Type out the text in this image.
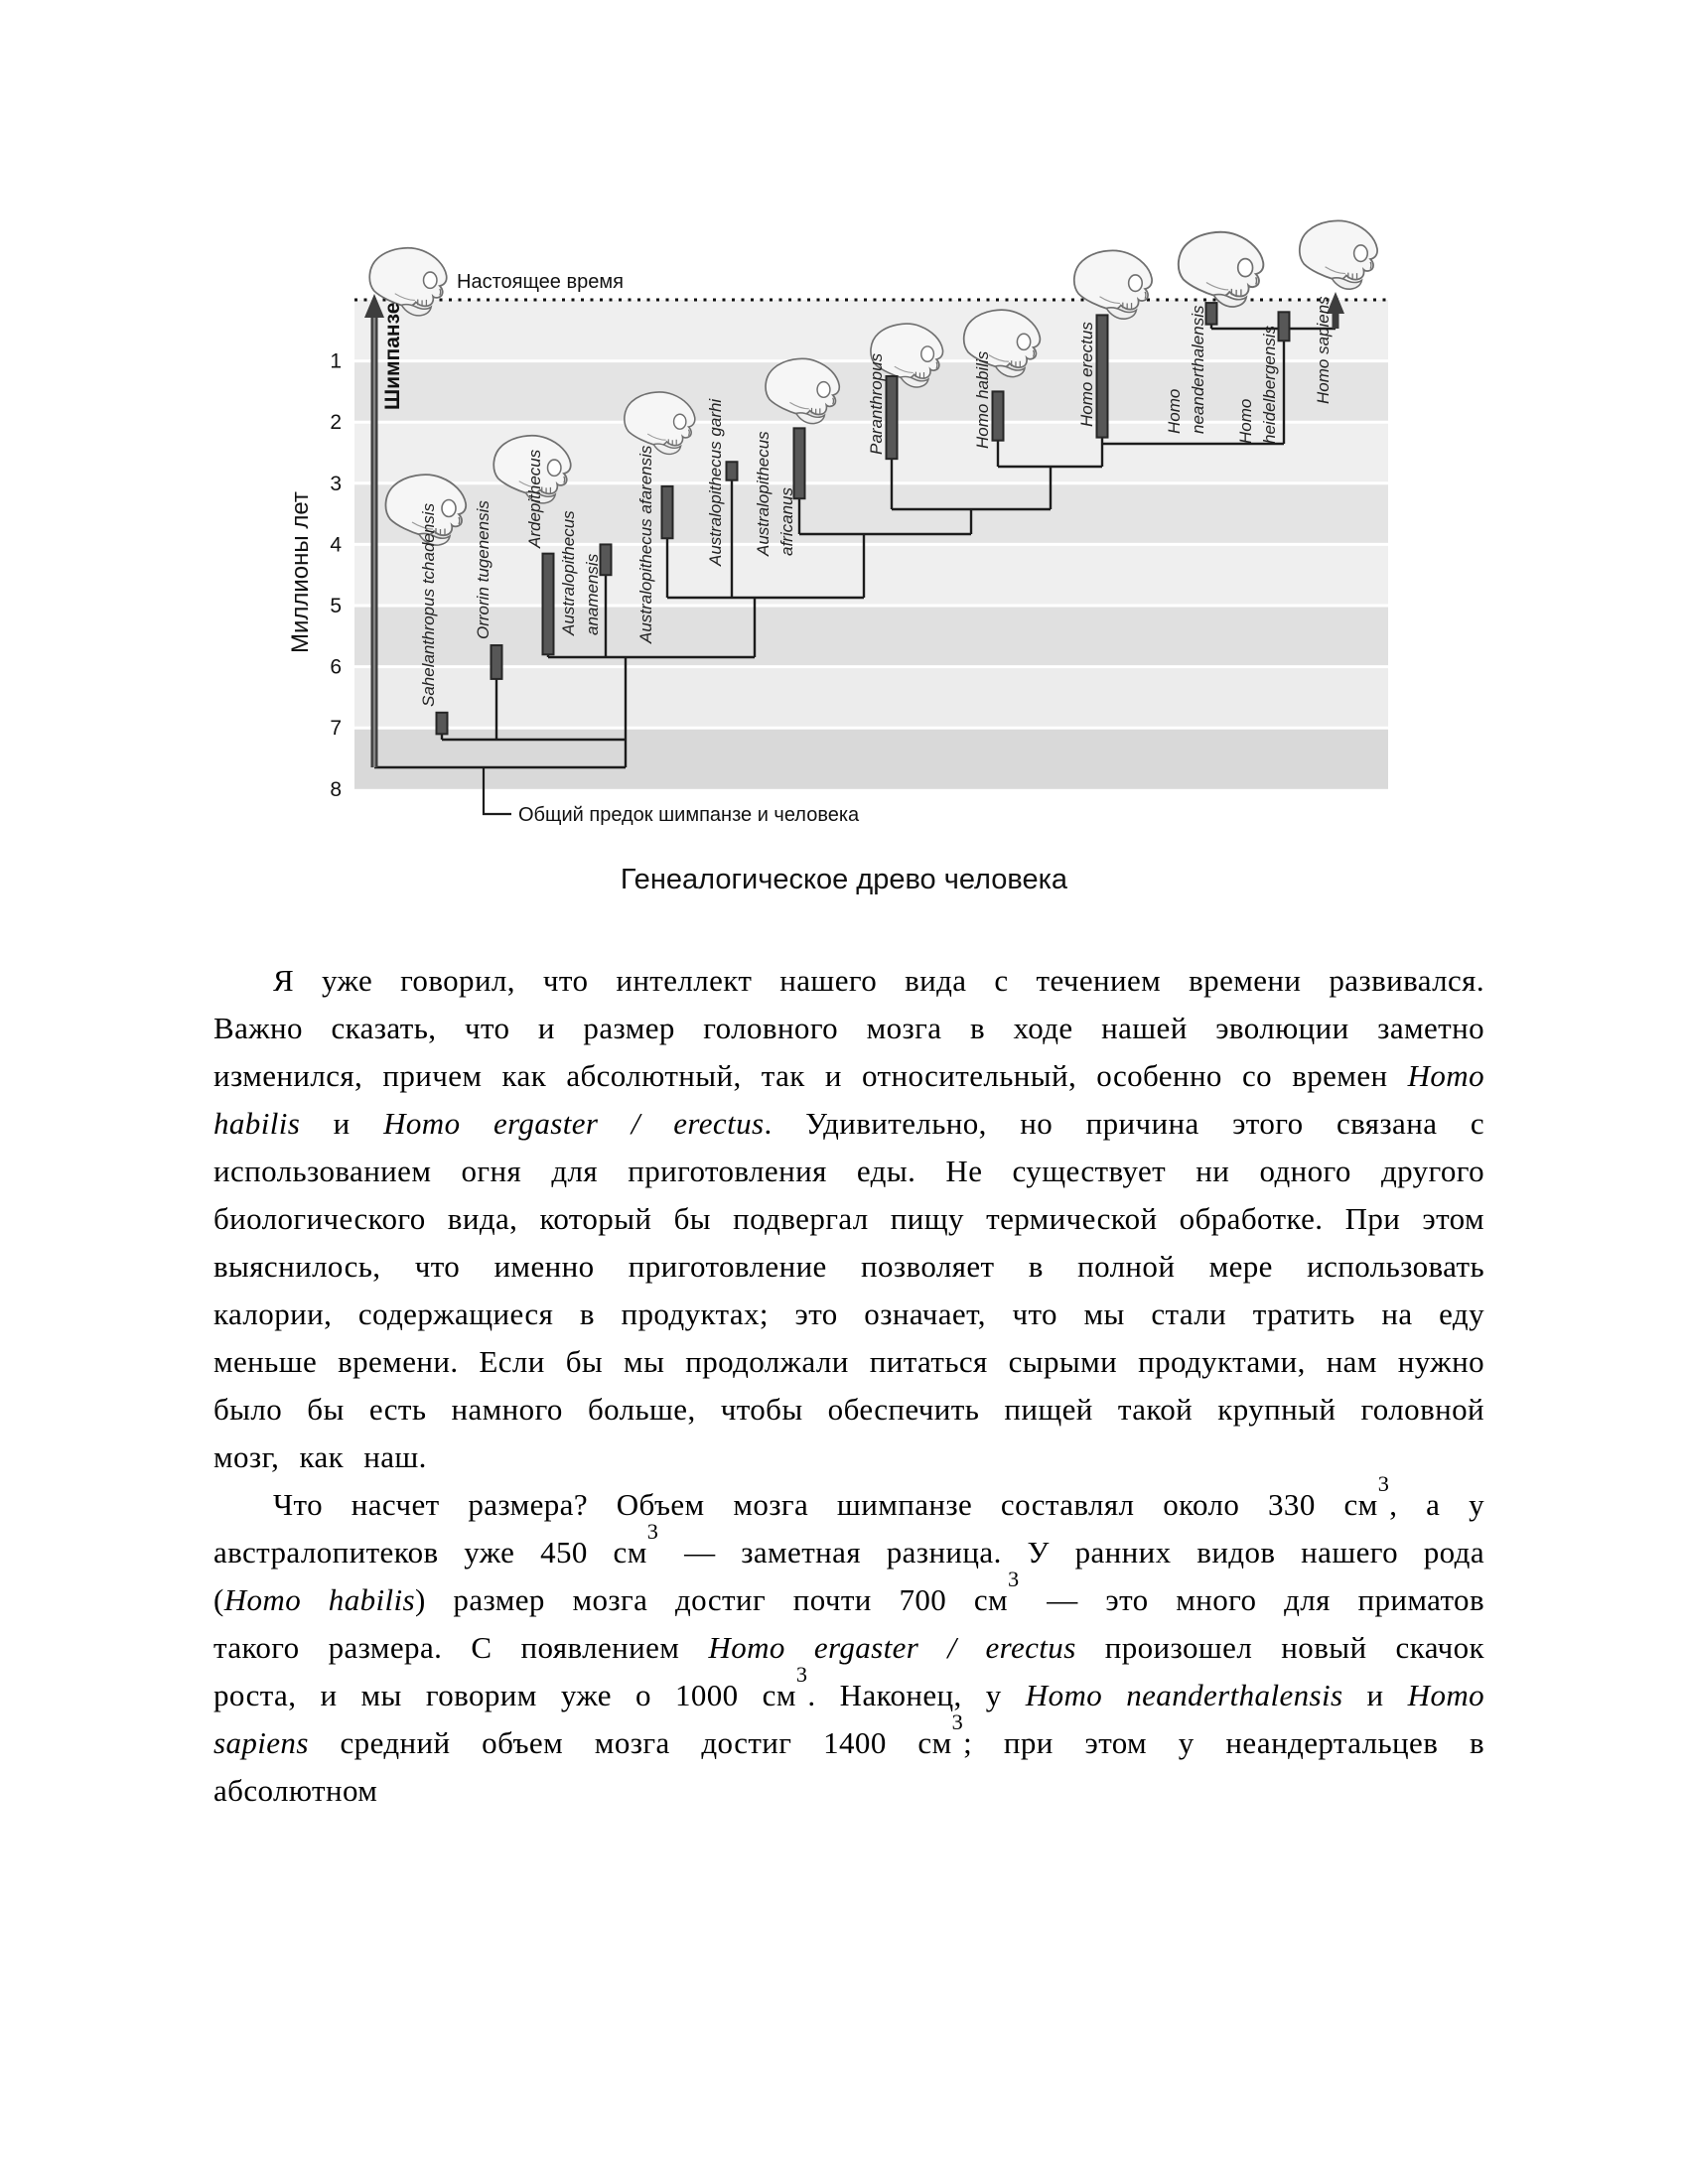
Sahelanthropus tchadensis Orrorin tugenensis
Ardepithecus
Australopithecus anamensis Australopithecus afarensis	Australopithecus garhi Australopithecus africanus
Paranthropus	Homo habilis	Homo erectus	Homo neanderthalensis Homo heidelbergensis Homo sapiens
1
2
3
4
5
6
7
8
Настоящее время
Шимпанзе
Миллионы лет
Общий предок шимпанзе и человека
Генеалогическое древо человека

Я уже говорил, что интеллект нашего вида с течением времени развивался. Важно сказать, что и размер головного мозга в ходе нашей эволюции заметно изменился, причем как абсолютный, так и относительный, особенно со времен Homo habilis и Homo ergaster / erectus. Удивительно, но причина этого связана с использованием огня для приготовления еды. Не существует ни одного другого биологического вида, который бы подвергал пищу термической обработке. При этом выяснилось, что именно приготовление позволяет в полной мере использовать калории, содержащиеся в продуктах; это означает, что мы стали тратить на еду меньше времени. Если бы мы продолжали питаться сырыми продуктами, нам нужно было бы есть намного больше, чтобы обеспечить пищей такой крупный головной мозг, как наш.

Что насчет размера? Объем мозга шимпанзе составлял около 330 $см^3$, а у австралопитеков уже 450 $см^3$ — заметная разница. У ранних видов нашего рода (Homo habilis) размер мозга достиг почти 700 $см^3$ — это много для приматов такого размера. С появлением Homo ergaster / erectus произошел новый скачок роста, и мы говорим уже о 1000 $см^3$. Наконец, у Homo neanderthalensis и Homo sapiens средний объем мозга достиг 1400 $см^3$; при этом у неандертальцев в абсолютном
